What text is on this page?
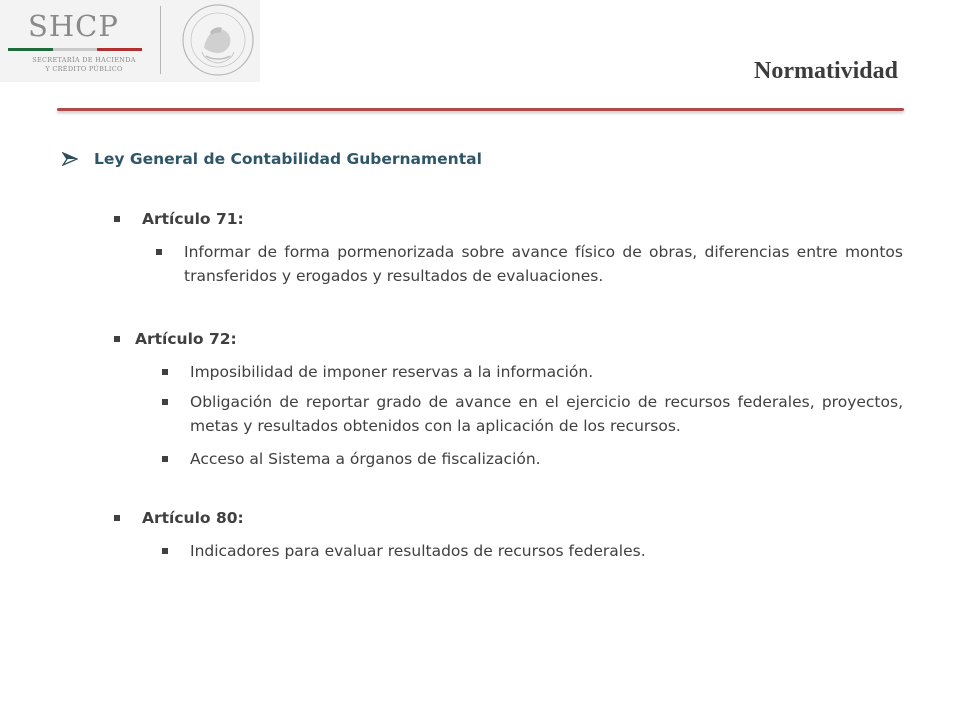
SHCP
SECRETARÍA DE HACIENDA
Y CRÉDITO PÚBLICO	Normatividad
Ley General de Contabilidad Gubernamental
Artículo 71:
Informar de forma pormenorizada sobre avance físico de obras, diferencias entre montos transferidos y erogados y resultados de evaluaciones.
Artículo 72:
Imposibilidad de imponer reservas a la información.
Obligación de reportar grado de avance en el ejercicio de recursos federales, proyectos, metas y resultados obtenidos con la aplicación de los recursos.
Acceso al Sistema a órganos de fiscalización.
Artículo 80:
Indicadores para evaluar resultados de recursos federales.
